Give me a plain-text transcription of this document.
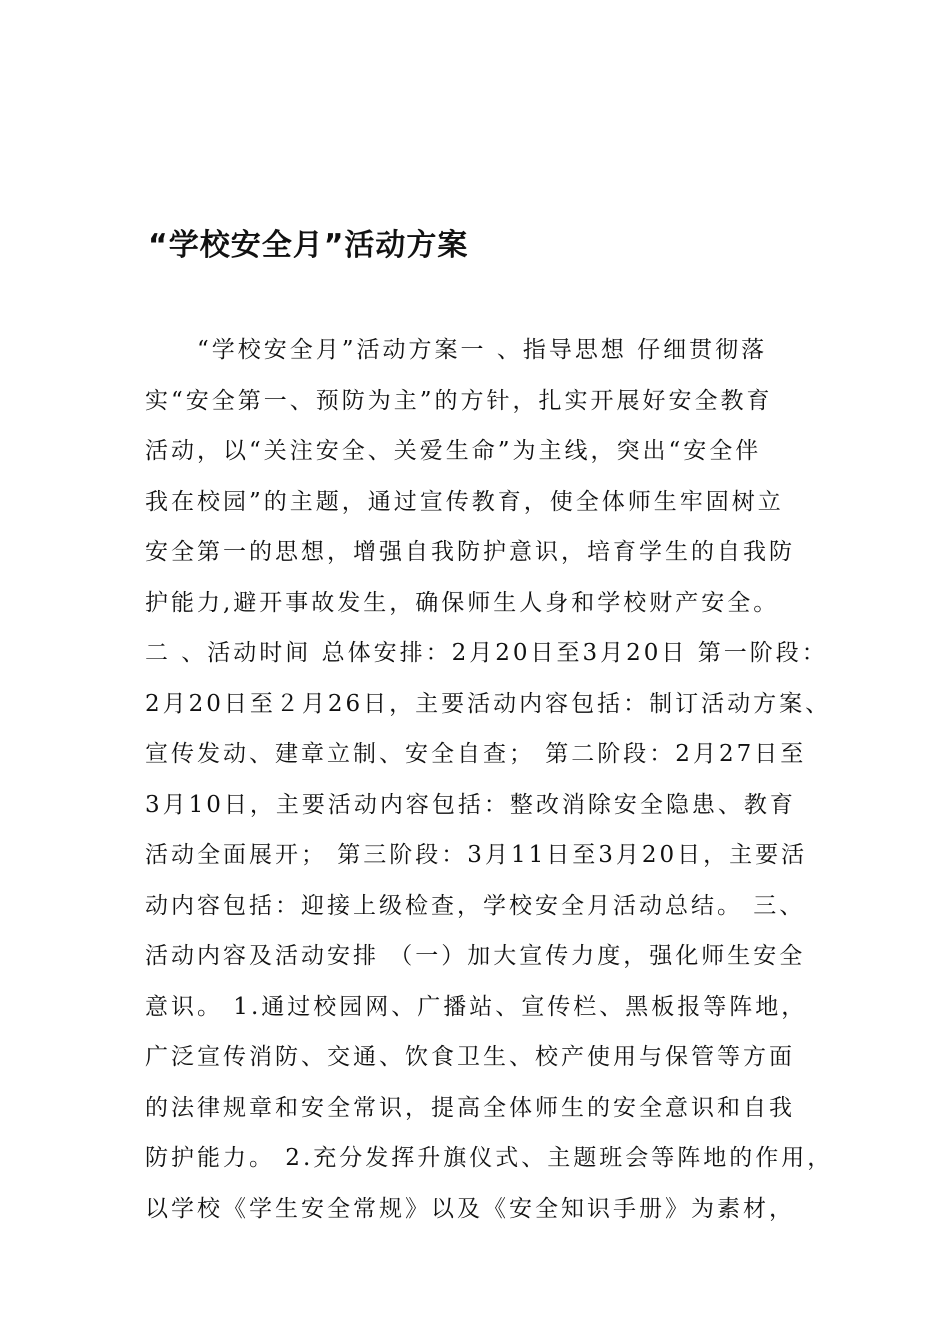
“学校安全月”活动方案
　　“学校安全月”活动方案一 、指导思想 仔细贯彻落
实“安全第一、预防为主”的方针，扎实开展好安全教育
活动，以“关注安全、关爱生命”为主线，突出“安全伴
我在校园”的主题，通过宣传教育，使全体师生牢固树立
安全第一的思想，增强自我防护意识，培育学生的自我防
护能力,避开事故发生，确保师生人身和学校财产安全。
二 、活动时间 总体安排：2月20日至3月20日 第一阶段：
2月20日至２月26日，主要活动内容包括：制订活动方案、
宣传发动、建章立制、安全自查； 第二阶段：2月27日至
3月10日，主要活动内容包括：整改消除安全隐患、教育
活动全面展开； 第三阶段：3月11日至3月20日，主要活
动内容包括：迎接上级检查，学校安全月活动总结。 三、
活动内容及活动安排 （一）加大宣传力度，强化师生安全
意识。 1.通过校园网、广播站、宣传栏、黑板报等阵地，
广泛宣传消防、交通、饮食卫生、校产使用与保管等方面
的法律规章和安全常识，提高全体师生的安全意识和自我
防护能力。 2.充分发挥升旗仪式、主题班会等阵地的作用，
以学校《学生安全常规》以及《安全知识手册》为素材，
